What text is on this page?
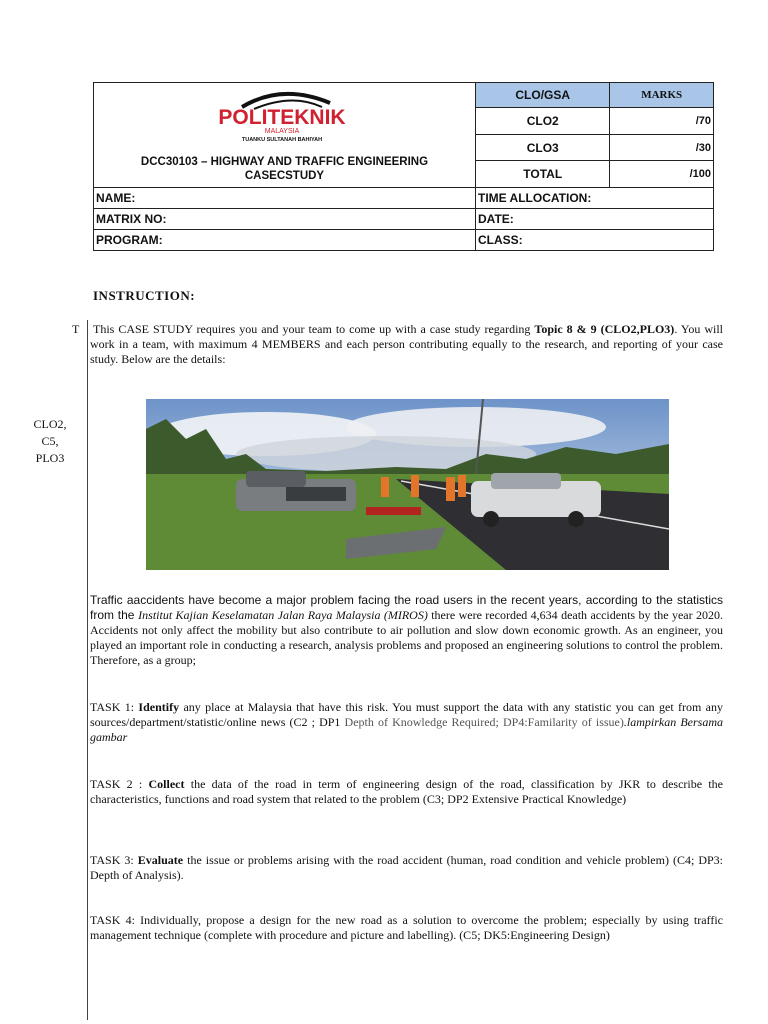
POLITEKNIK
MALAYSIA
TUANKU SULTANAH BAHIYAH
DCC30103 – HIGHWAY AND TRAFFIC ENGINEERING
CASECSTUDY	CLO/GSA	MARKS
	CLO2	/70
	CLO3	/30
	TOTAL	/100
NAME:	TIME ALLOCATION:	
MATRIX NO:	DATE:	
PROGRAM:	CLASS:	
INSTRUCTION:
T
CLO2,
C5,
PLO3
This CASE STUDY requires you and your team to come up with a case study regarding Topic 8 & 9 (CLO2,PLO3). You will work in a team, with maximum 4 MEMBERS and each person contributing equally to the research, and reporting of your case study. Below are the details:
Traffic aaccidents have become a major problem facing the road users in the recent years, according to the statistics from the Institut Kajian Keselamatan Jalan Raya Malaysia (MIROS) there were recorded 4,634 death accidents by the year 2020. Accidents not only affect the mobility but also contribute to air pollution and slow down economic growth. As an engineer, you played an important role in conducting a research, analysis problems and proposed an engineering solutions to control the problem. Therefore, as a group;
TASK 1: Identify any place at Malaysia that have this risk. You must support the data with any statistic you can get from any sources/department/statistic/online news (C2 ; DP1 Depth of Knowledge Required; DP4:Familarity of issue).lampirkan Bersama gambar
TASK 2 : Collect the data of the road in term of engineering design of the road, classification by JKR to describe the characteristics, functions and road system that related to the problem (C3; DP2 Extensive Practical Knowledge)
TASK 3: Evaluate the issue or problems arising with the road accident (human, road condition and vehicle problem) (C4; DP3: Depth of Analysis).
TASK 4: Individually, propose a design for the new road as a solution to overcome the problem; especially by using traffic management technique (complete with procedure and picture and labelling). (C5; DK5:Engineering Design)
